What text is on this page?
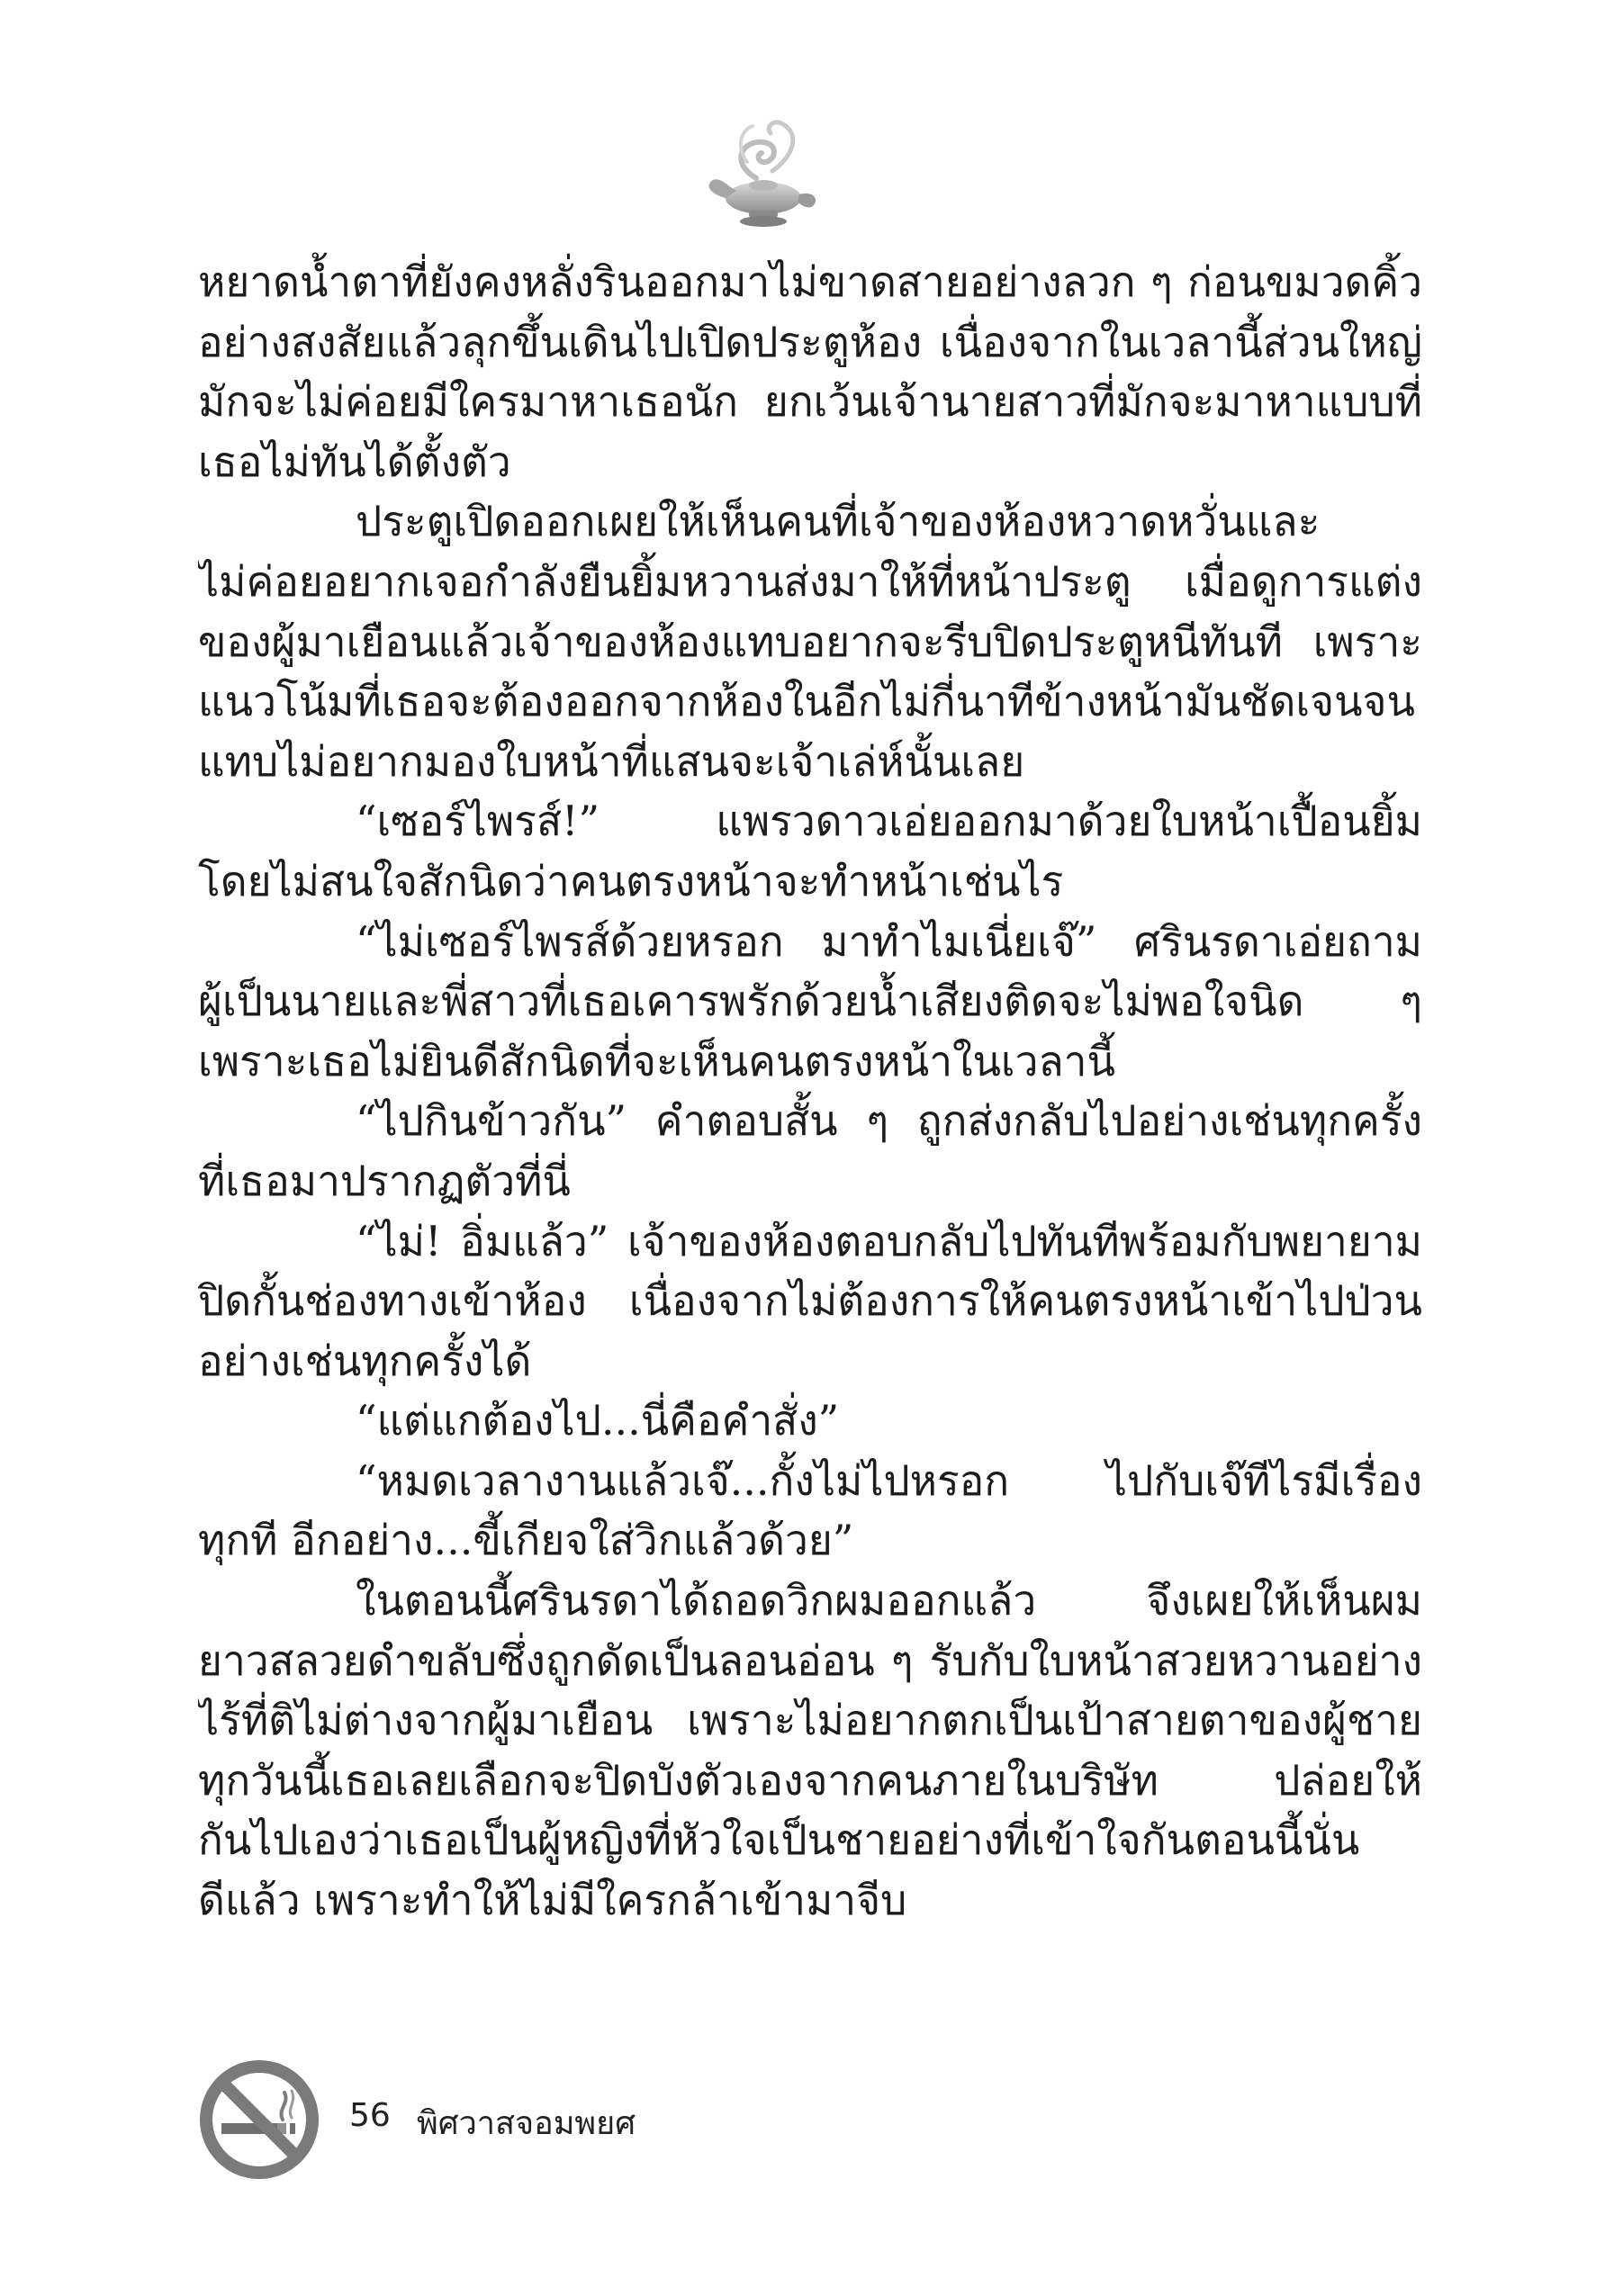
หยาดน้ำตาที่ยังคงหลั่งรินออกมาไม่ขาดสายอย่างลวก ๆ ก่อนขมวดคิ้ว
อย่างสงสัยแล้วลุกขึ้นเดินไปเปิดประตูห้อง เนื่องจากในเวลานี้ส่วนใหญ่
มักจะไม่ค่อยมีใครมาหาเธอนัก ยกเว้นเจ้านายสาวที่มักจะมาหาแบบที่
เธอไม่ทันได้ตั้งตัว
ประตูเปิดออกเผยให้เห็นคนที่เจ้าของห้องหวาดหวั่นและ
ไม่ค่อยอยากเจอกำลังยืนยิ้มหวานส่งมาให้ที่หน้าประตู เมื่อดูการแต่ง
ของผู้มาเยือนแล้วเจ้าของห้องแทบอยากจะรีบปิดประตูหนีทันที เพราะ
แนวโน้มที่เธอจะต้องออกจากห้องในอีกไม่กี่นาทีข้างหน้ามันชัดเจนจน
แทบไม่อยากมองใบหน้าที่แสนจะเจ้าเล่ห์นั้นเลย
“เซอร์ไพรส์!” แพรวดาวเอ่ยออกมาด้วยใบหน้าเปื้อนยิ้ม
โดยไม่สนใจสักนิดว่าคนตรงหน้าจะทำหน้าเช่นไร
“ไม่เซอร์ไพรส์ด้วยหรอก มาทำไมเนี่ยเจ๊” ศรินรดาเอ่ยถาม
ผู้เป็นนายและพี่สาวที่เธอเคารพรักด้วยน้ำเสียงติดจะไม่พอใจนิด ๆ
เพราะเธอไม่ยินดีสักนิดที่จะเห็นคนตรงหน้าในเวลานี้
“ไปกินข้าวกัน” คำตอบสั้น ๆ ถูกส่งกลับไปอย่างเช่นทุกครั้ง
ที่เธอมาปรากฏตัวที่นี่
“ไม่! อิ่มแล้ว” เจ้าของห้องตอบกลับไปทันทีพร้อมกับพยายาม
ปิดกั้นช่องทางเข้าห้อง เนื่องจากไม่ต้องการให้คนตรงหน้าเข้าไปป่วน
อย่างเช่นทุกครั้งได้
“แต่แกต้องไป...นี่คือคำสั่ง”
“หมดเวลางานแล้วเจ๊...กั้งไม่ไปหรอก ไปกับเจ๊ทีไรมีเรื่อง
ทุกที อีกอย่าง...ขี้เกียจใส่วิกแล้วด้วย”
ในตอนนี้ศรินรดาได้ถอดวิกผมออกแล้ว จึงเผยให้เห็นผม
ยาวสลวยดำขลับซึ่งถูกดัดเป็นลอนอ่อน ๆ รับกับใบหน้าสวยหวานอย่าง
ไร้ที่ติไม่ต่างจากผู้มาเยือน เพราะไม่อยากตกเป็นเป้าสายตาของผู้ชาย
ทุกวันนี้เธอเลยเลือกจะปิดบังตัวเองจากคนภายในบริษัท ปล่อยให้
กันไปเองว่าเธอเป็นผู้หญิงที่หัวใจเป็นชายอย่างที่เข้าใจกันตอนนี้นั่น
ดีแล้ว เพราะทำให้ไม่มีใครกล้าเข้ามาจีบ
56 พิศวาสจอมพยศ
